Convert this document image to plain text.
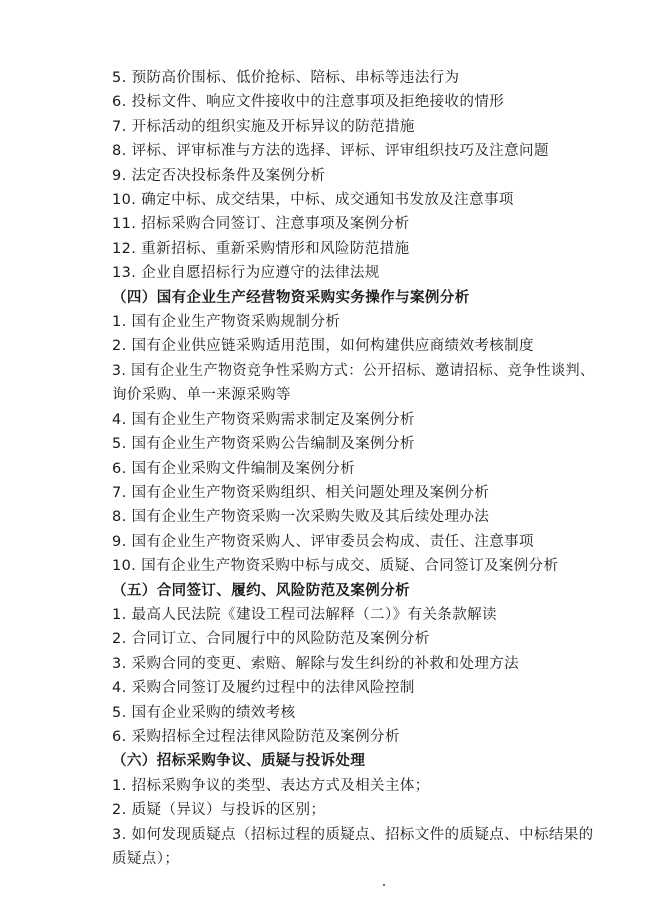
5. 预防高价围标、低价抢标、陪标、串标等违法行为
6. 投标文件、响应文件接收中的注意事项及拒绝接收的情形
7. 开标活动的组织实施及开标异议的防范措施
8. 评标、评审标准与方法的选择、评标、评审组织技巧及注意问题
9. 法定否决投标条件及案例分析
10. 确定中标、成交结果，中标、成交通知书发放及注意事项
11. 招标采购合同签订、注意事项及案例分析
12. 重新招标、重新采购情形和风险防范措施
13. 企业自愿招标行为应遵守的法律法规
（四）国有企业生产经营物资采购实务操作与案例分析
1. 国有企业生产物资采购规制分析
2. 国有企业供应链采购适用范围，如何构建供应商绩效考核制度
3. 国有企业生产物资竞争性采购方式：公开招标、邀请招标、竞争性谈判、
询价采购、单一来源采购等
4. 国有企业生产物资采购需求制定及案例分析
5. 国有企业生产物资采购公告编制及案例分析
6. 国有企业采购文件编制及案例分析
7. 国有企业生产物资采购组织、相关问题处理及案例分析
8. 国有企业生产物资采购一次采购失败及其后续处理办法
9. 国有企业生产物资采购人、评审委员会构成、责任、注意事项
10. 国有企业生产物资采购中标与成交、质疑、合同签订及案例分析
（五）合同签订、履约、风险防范及案例分析
1. 最高人民法院《建设工程司法解释（二）》有关条款解读
2. 合同订立、合同履行中的风险防范及案例分析
3. 采购合同的变更、索赔、解除与发生纠纷的补救和处理方法
4. 采购合同签订及履约过程中的法律风险控制
5. 国有企业采购的绩效考核
6. 采购招标全过程法律风险防范及案例分析
（六）招标采购争议、质疑与投诉处理
1. 招标采购争议的类型、表达方式及相关主体；
2. 质疑（异议）与投诉的区别；
3. 如何发现质疑点（招标过程的质疑点、招标文件的质疑点、中标结果的
质疑点）；
